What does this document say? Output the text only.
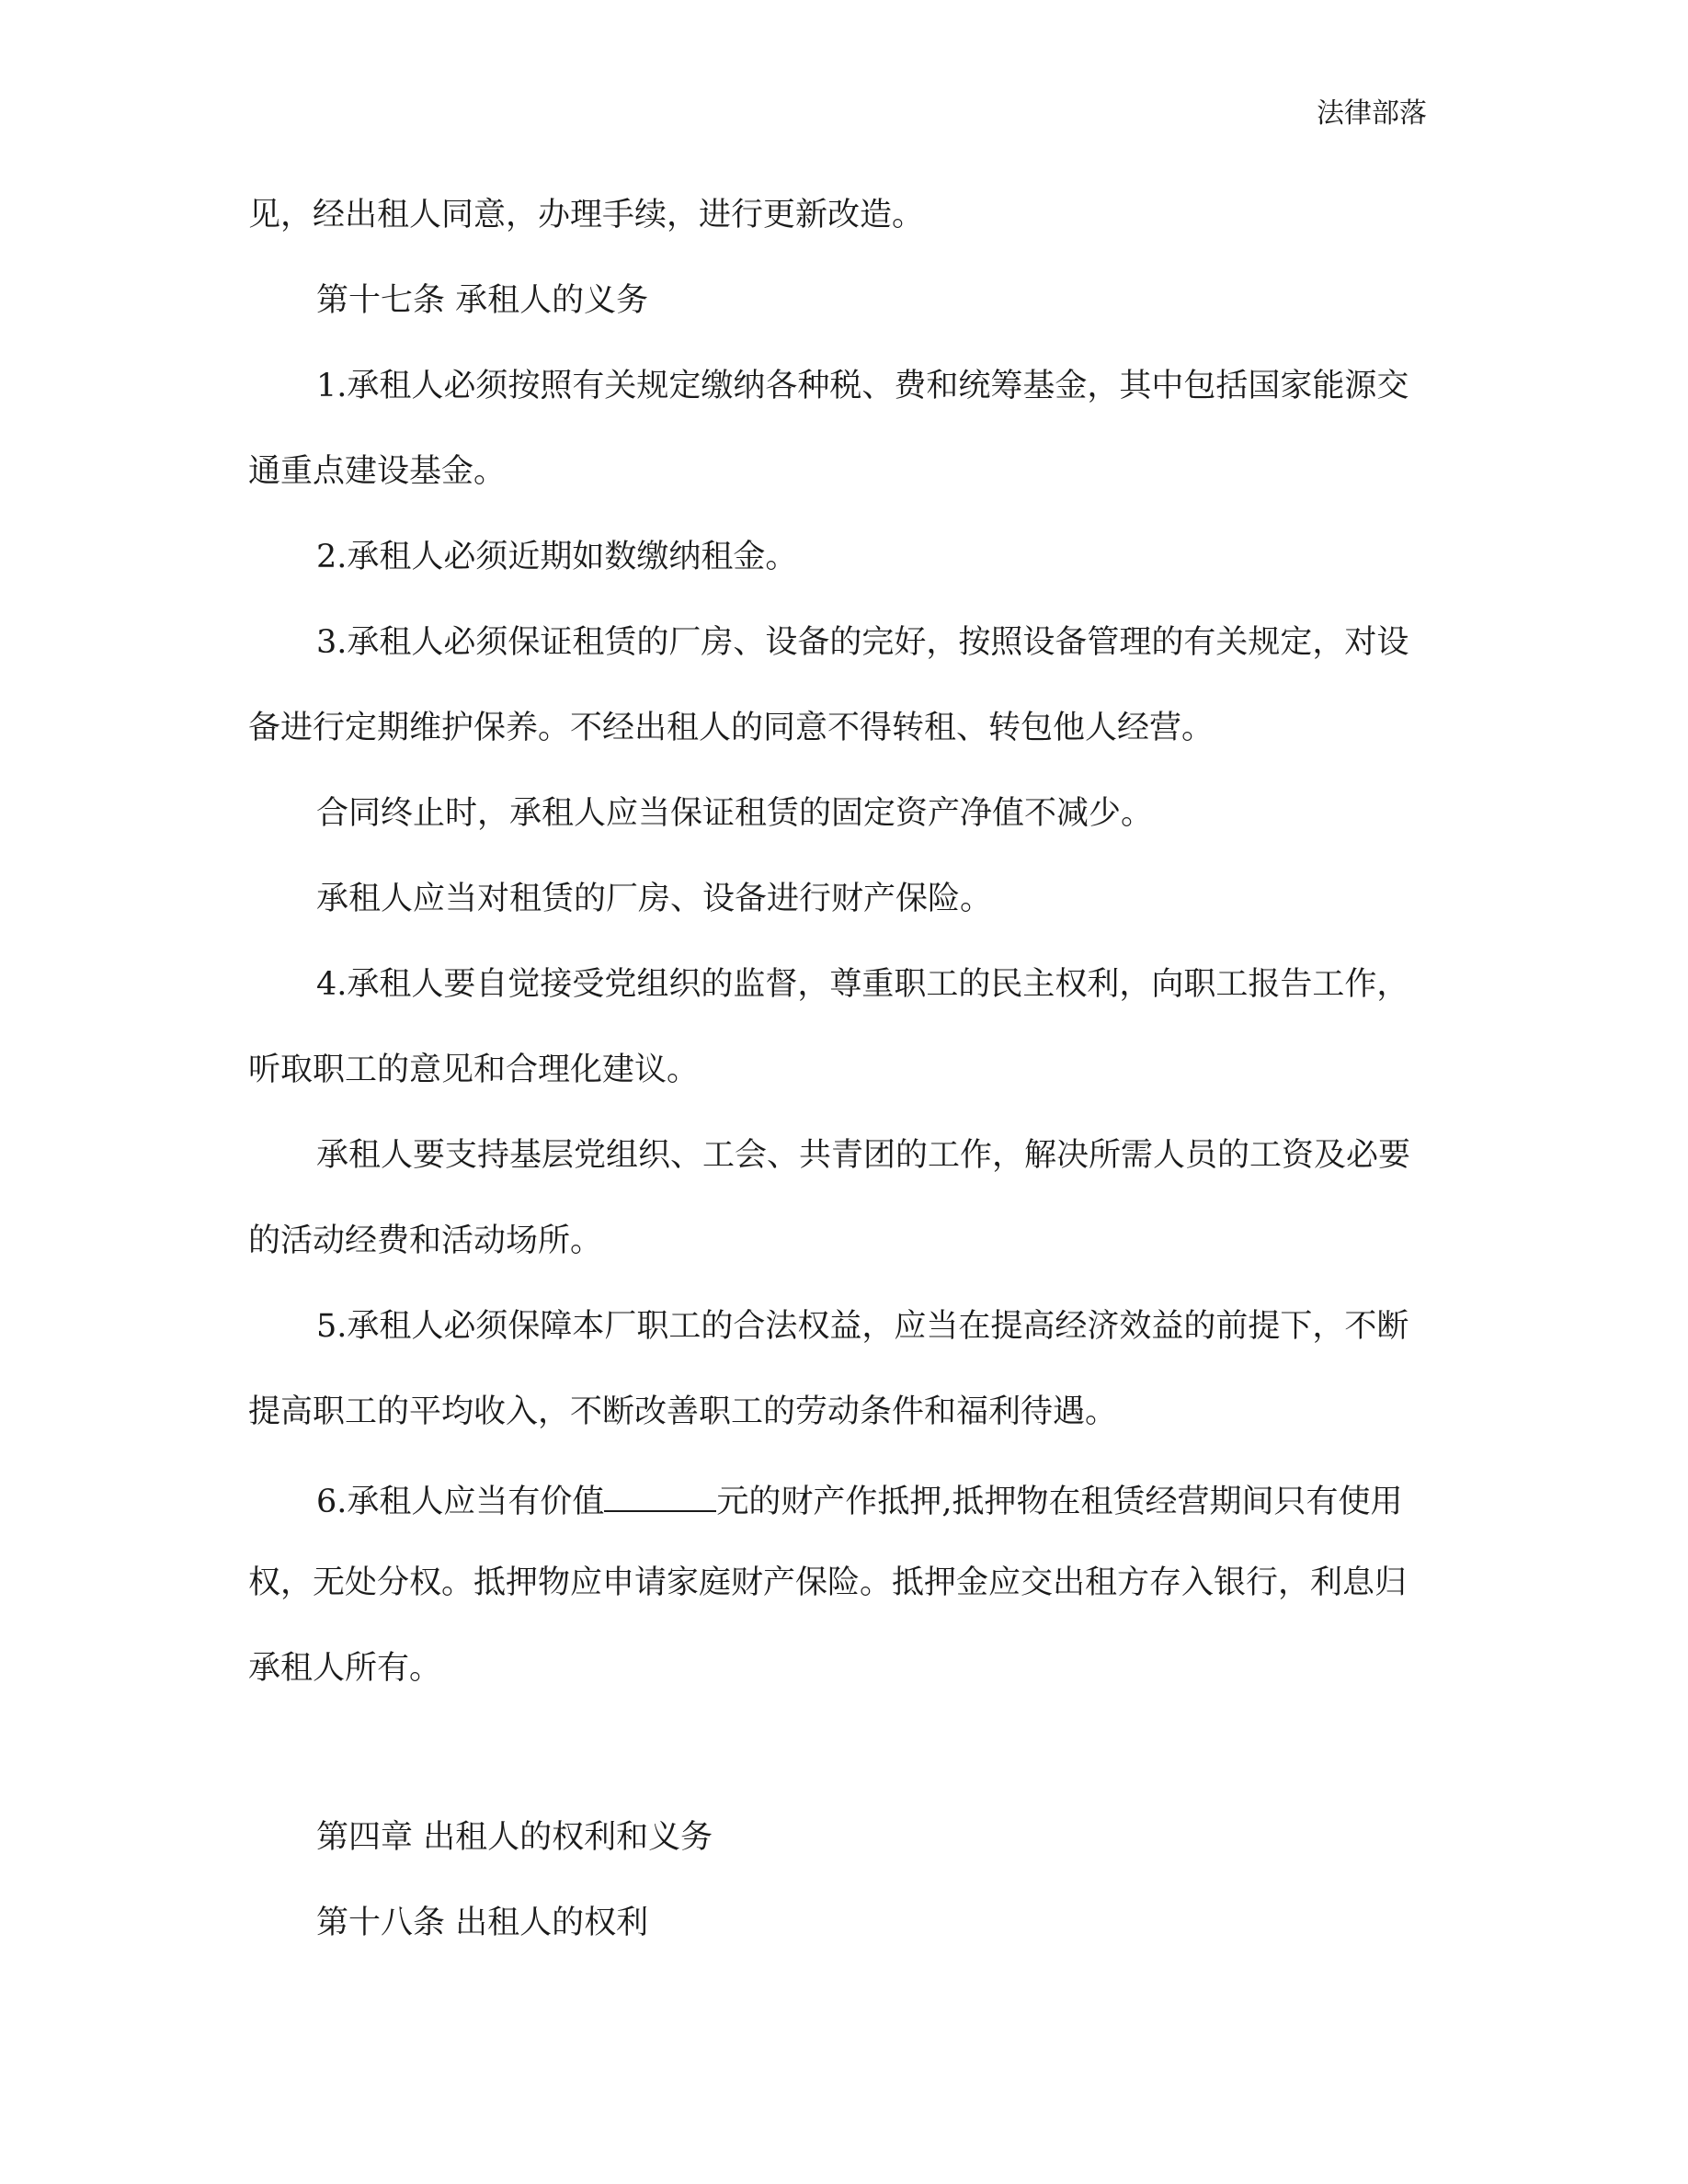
法律部落
见，经出租人同意，办理手续，进行更新改造。
第十七条 承租人的义务
1.承租人必须按照有关规定缴纳各种税、费和统筹基金，其中包括国家能源交
通重点建设基金。
2.承租人必须近期如数缴纳租金。
3.承租人必须保证租赁的厂房、设备的完好，按照设备管理的有关规定，对设
备进行定期维护保养。不经出租人的同意不得转租、转包他人经营。
合同终止时，承租人应当保证租赁的固定资产净值不减少。
承租人应当对租赁的厂房、设备进行财产保险。
4.承租人要自觉接受党组织的监督，尊重职工的民主权利，向职工报告工作，
听取职工的意见和合理化建议。
承租人要支持基层党组织、工会、共青团的工作，解决所需人员的工资及必要
的活动经费和活动场所。
5.承租人必须保障本厂职工的合法权益，应当在提高经济效益的前提下，不断
提高职工的平均收入，不断改善职工的劳动条件和福利待遇。
6.承租人应当有价值	元的财产作抵押,抵押物在租赁经营期间只有使用
权，无处分权。抵押物应申请家庭财产保险。抵押金应交出租方存入银行，利息归
承租人所有。
第四章 出租人的权利和义务
第十八条 出租人的权利
